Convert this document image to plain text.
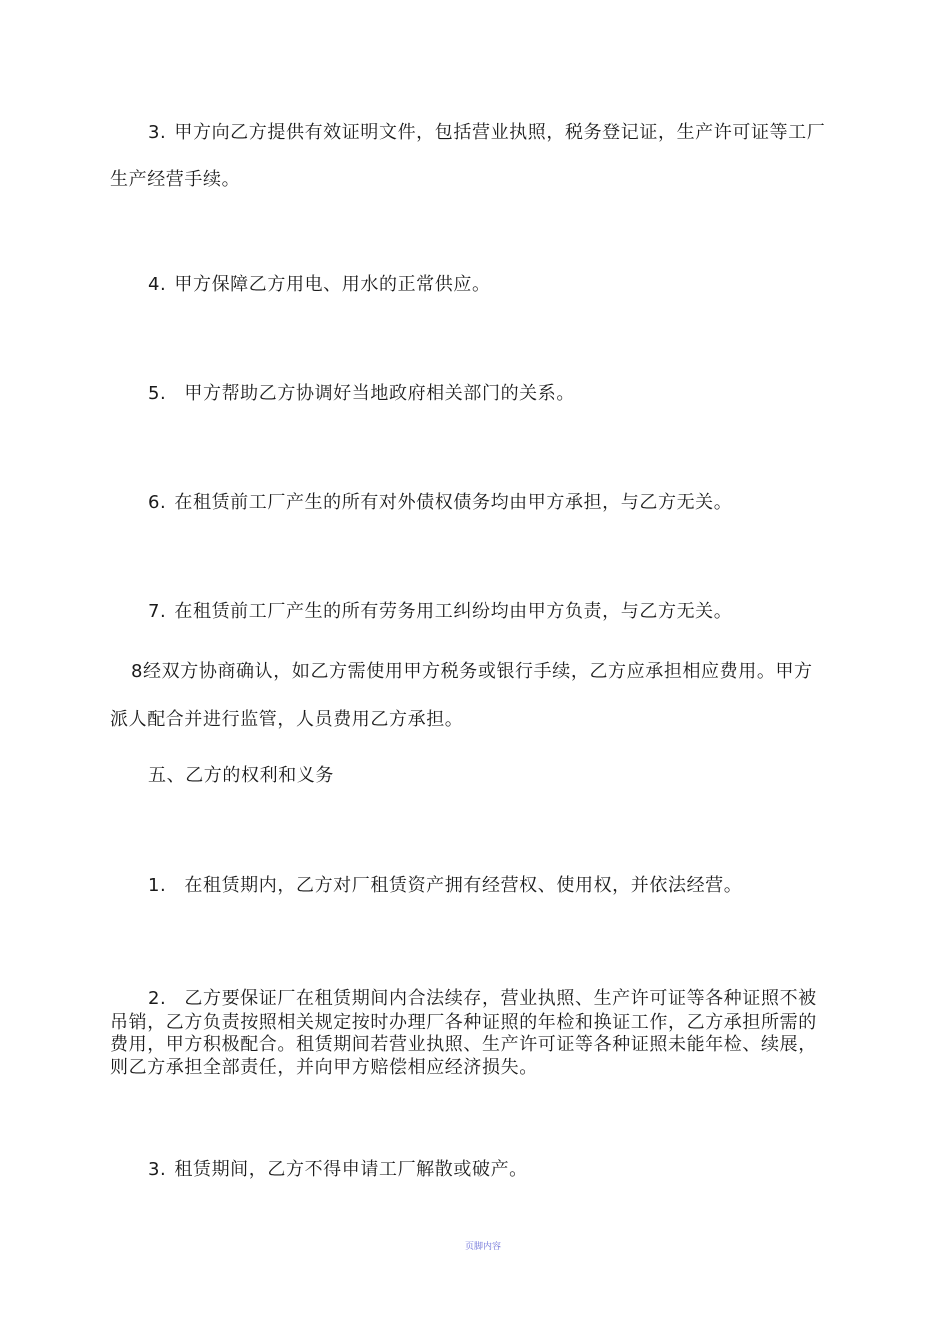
3. 甲方向乙方提供有效证明文件，包括营业执照，税务登记证，生产许可证等工厂
生产经营手续。
4. 甲方保障乙方用电、用水的正常供应。
5. 甲方帮助乙方协调好当地政府相关部门的关系。
6. 在租赁前工厂产生的所有对外债权债务均由甲方承担，与乙方无关。
7. 在租赁前工厂产生的所有劳务用工纠纷均由甲方负责，与乙方无关。
8经双方协商确认，如乙方需使用甲方税务或银行手续，乙方应承担相应费用。甲方
派人配合并进行监管，人员费用乙方承担。
五、乙方的权利和义务
1. 在租赁期内，乙方对厂租赁资产拥有经营权、使用权，并依法经营。
2. 乙方要保证厂在租赁期间内合法续存，营业执照、生产许可证等各种证照不被
吊销，乙方负责按照相关规定按时办理厂各种证照的年检和换证工作，乙方承担所需的
费用，甲方积极配合。租赁期间若营业执照、生产许可证等各种证照未能年检、续展，
则乙方承担全部责任，并向甲方赔偿相应经济损失。
3. 租赁期间，乙方不得申请工厂解散或破产。
页脚内容
